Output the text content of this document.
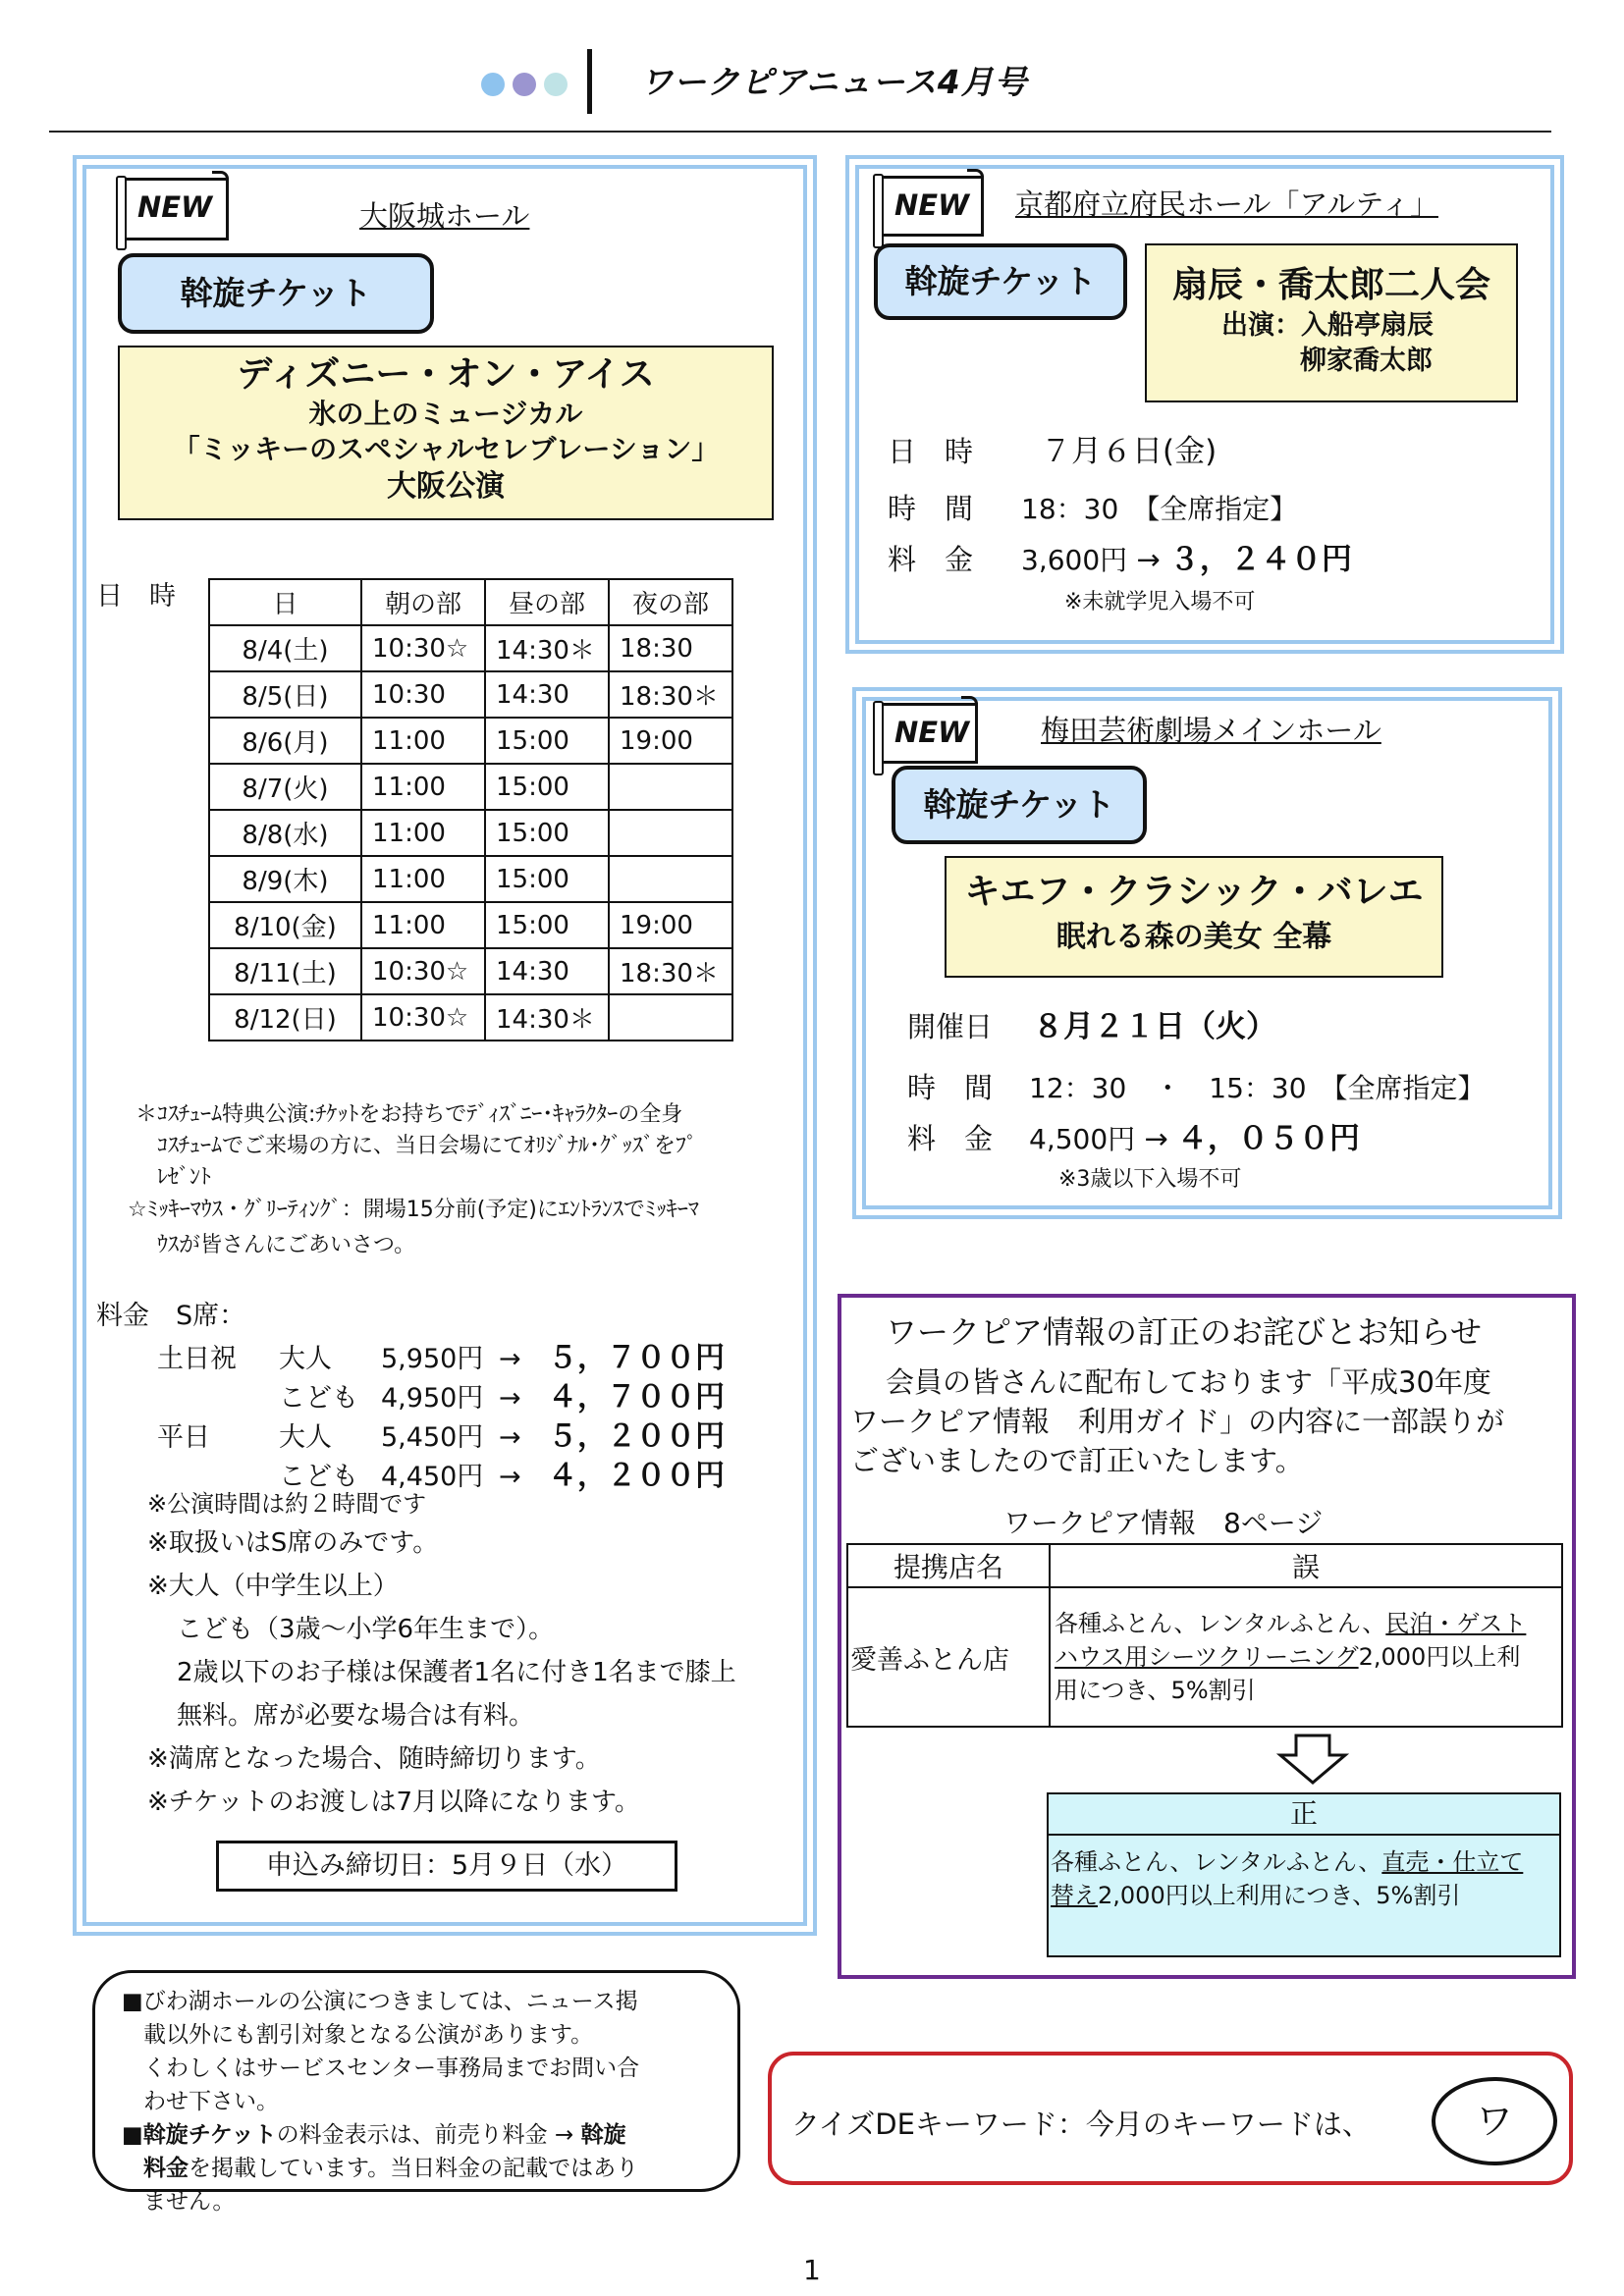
ワークピアニュース4月号
NEW	大阪城ホール
斡旋チケット
ディズニー・オン・アイス
氷の上のミュージカル
「ミッキーのスペシャルセレブレーション」
大阪公演
日　時	日	朝の部	昼の部	夜の部
8/4(土)	10:30☆	14:30＊	18:30
8/5(日)	10:30	14:30	18:30＊
8/6(月)	11:00	15:00	19:00
8/7(火)	11:00	15:00	
8/8(水)	11:00	15:00	
8/9(木)	11:00	15:00	
8/10(金)	11:00	15:00	19:00
8/11(土)	10:30☆	14:30	18:30＊
8/12(日)	10:30☆	14:30＊	
＊ｺｽﾁｭｰﾑ特典公演:ﾁｹｯﾄをお持ちでﾃﾞｨｽﾞﾆｰ･ｷｬﾗｸﾀｰの全身
ｺｽﾁｭｰﾑでご来場の方に、当日会場にてｵﾘｼﾞﾅﾙ･ｸﾞｯｽﾞをﾌﾟ
ﾚｾﾞﾝﾄ
☆ﾐｯｷｰﾏｳｽ・ｸﾞﾘｰﾃｨﾝｸﾞ：開場15分前(予定)にｴﾝﾄﾗﾝｽでﾐｯｷｰﾏ
ｳｽが皆さんにごあいさつ。
料金　S席：
土日祝 大人 5,950円 → ５，７００円
こども 4,950円 → ４，７００円
平日	大人 5,450円 → ５，２００円
こども 4,450円 → ４，２００円
※公演時間は約２時間です
※取扱いはS席のみです。
※大人（中学生以上）
こども（3歳～小学6年生まで）。
2歳以下のお子様は保護者1名に付き1名まで膝上
無料。席が必要な場合は有料。
※満席となった場合、随時締切ります。
※チケットのお渡しは7月以降になります。
申込み締切日：5月９日（水）
NEW	京都府立府民ホール「アルティ」
斡旋チケット	扇辰・喬太郎二人会
出演：入船亭扇辰
柳家喬太郎
日　時 ７月６日(金)
時　間 18：30　【全席指定】
料　金 3,600円 → ３，２４０円
※未就学児入場不可
NEW	梅田芸術劇場メインホール
斡旋チケット
キエフ・クラシック・バレエ
眠れる森の美女 全幕
開催日 ８月２１日（火）
時　間 12：30　・　15：30　【全席指定】
料　金 4,500円 → ４，０５０円
※3歳以下入場不可
ワークピア情報の訂正のお詫びとお知らせ
会員の皆さんに配布しております「平成30年度
ワークピア情報　利用ガイド」の内容に一部誤りが
ございましたので訂正いたします。
ワークピア情報　8ページ
提携店名	誤
愛善ふとん店	各種ふとん、レンタルふとん、民泊・ゲスト
ハウス用シーツクリーニング2,000円以上利
用につき、5%割引
正
各種ふとん、レンタルふとん、直売・仕立て
替え2,000円以上利用につき、5%割引
■びわ湖ホールの公演につきましては、ニュース掲
載以外にも割引対象となる公演があります。
くわしくはサービスセンター事務局までお問い合
わせ下さい。
■斡旋チケットの料金表示は、前売り料金 → 斡旋
料金を掲載しています。当日料金の記載ではあり
ません。
クイズDEキーワード：今月のキーワードは、	ワ
1
